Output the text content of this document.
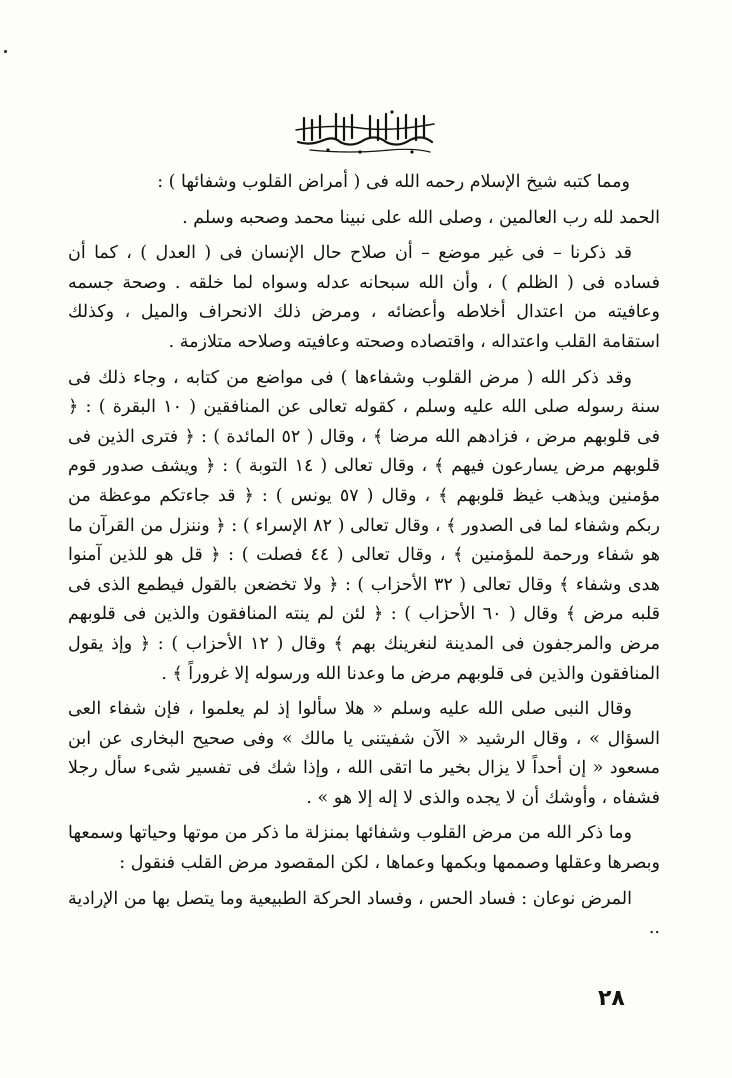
ومما كتبه شيخ الإسلام رحمه الله فى ( أمراض القلوب وشفائها ) :

الحمد لله رب العالمين ، وصلى الله على نبينا محمد وصحبه وسلم .

قد ذكرنا – فى غير موضع – أن صلاح حال الإنسان فى ( العدل ) ، كما أن فساده فى ( الظلم ) ، وأن الله سبحانه عدله وسواه لما خلقه . وصحة جسمه وعافيته من اعتدال أخلاطه وأعضائه ، ومرض ذلك الانحراف والميل ، وكذلك استقامة القلب واعتداله ، واقتصاده وصحته وعافيته وصلاحه متلازمة .

وقد ذكر الله ( مرض القلوب وشفاءها ) فى مواضع من كتابه ، وجاء ذلك فى سنة رسوله صلى الله عليه وسلم ، كقوله تعالى عن المنافقين ( ١٠ البقرة ) : ﴿ فى قلوبهم مرض ، فزادهم الله مرضا ﴾ ، وقال ( ٥٢ المائدة ) : ﴿ فترى الذين فى قلوبهم مرض يسارعون فيهم ﴾ ، وقال تعالى ( ١٤ التوبة ) : ﴿ ويشف صدور قوم مؤمنين ويذهب غيظ قلوبهم ﴾ ، وقال ( ٥٧ يونس ) : ﴿ قد جاءتكم موعظة من ربكم وشفاء لما فى الصدور ﴾ ، وقال تعالى ( ٨٢ الإسراء ) : ﴿ وننزل من القرآن ما هو شفاء ورحمة للمؤمنين ﴾ ، وقال تعالى ( ٤٤ فصلت ) : ﴿ قل هو للذين آمنوا هدى وشفاء ﴾ وقال تعالى ( ٣٢ الأحزاب ) : ﴿ ولا تخضعن بالقول فيطمع الذى فى قلبه مرض ﴾ وقال ( ٦٠ الأحزاب ) : ﴿ لئن لم ينته المنافقون والذين فى قلوبهم مرض والمرجفون فى المدينة لنغرينك بهم ﴾ وقال ( ١٢ الأحزاب ) : ﴿ وإذ يقول المنافقون والذين فى قلوبهم مرض ما وعدنا الله ورسوله إلا غروراً ﴾ .

وقال النبى صلى الله عليه وسلم « هلا سألوا إذ لم يعلموا ، فإن شفاء العى السؤال » ، وقال الرشيد « الآن شفيتنى يا مالك » وفى صحيح البخارى عن ابن مسعود « إن أحداً لا يزال بخير ما اتقى الله ، وإذا شك فى تفسير شىء سأل رجلا فشفاه ، وأوشك أن لا يجده والذى لا إله إلا هو » .

وما ذكر الله من مرض القلوب وشفائها بمنزلة ما ذكر من موتها وحياتها وسمعها وبصرها وعقلها وصممها وبكمها وعماها ، لكن المقصود مرض القلب فنقول :

المرض نوعان : فساد الحس ، وفساد الحركة الطبيعية وما يتصل بها من الإرادية ..

٢٨
